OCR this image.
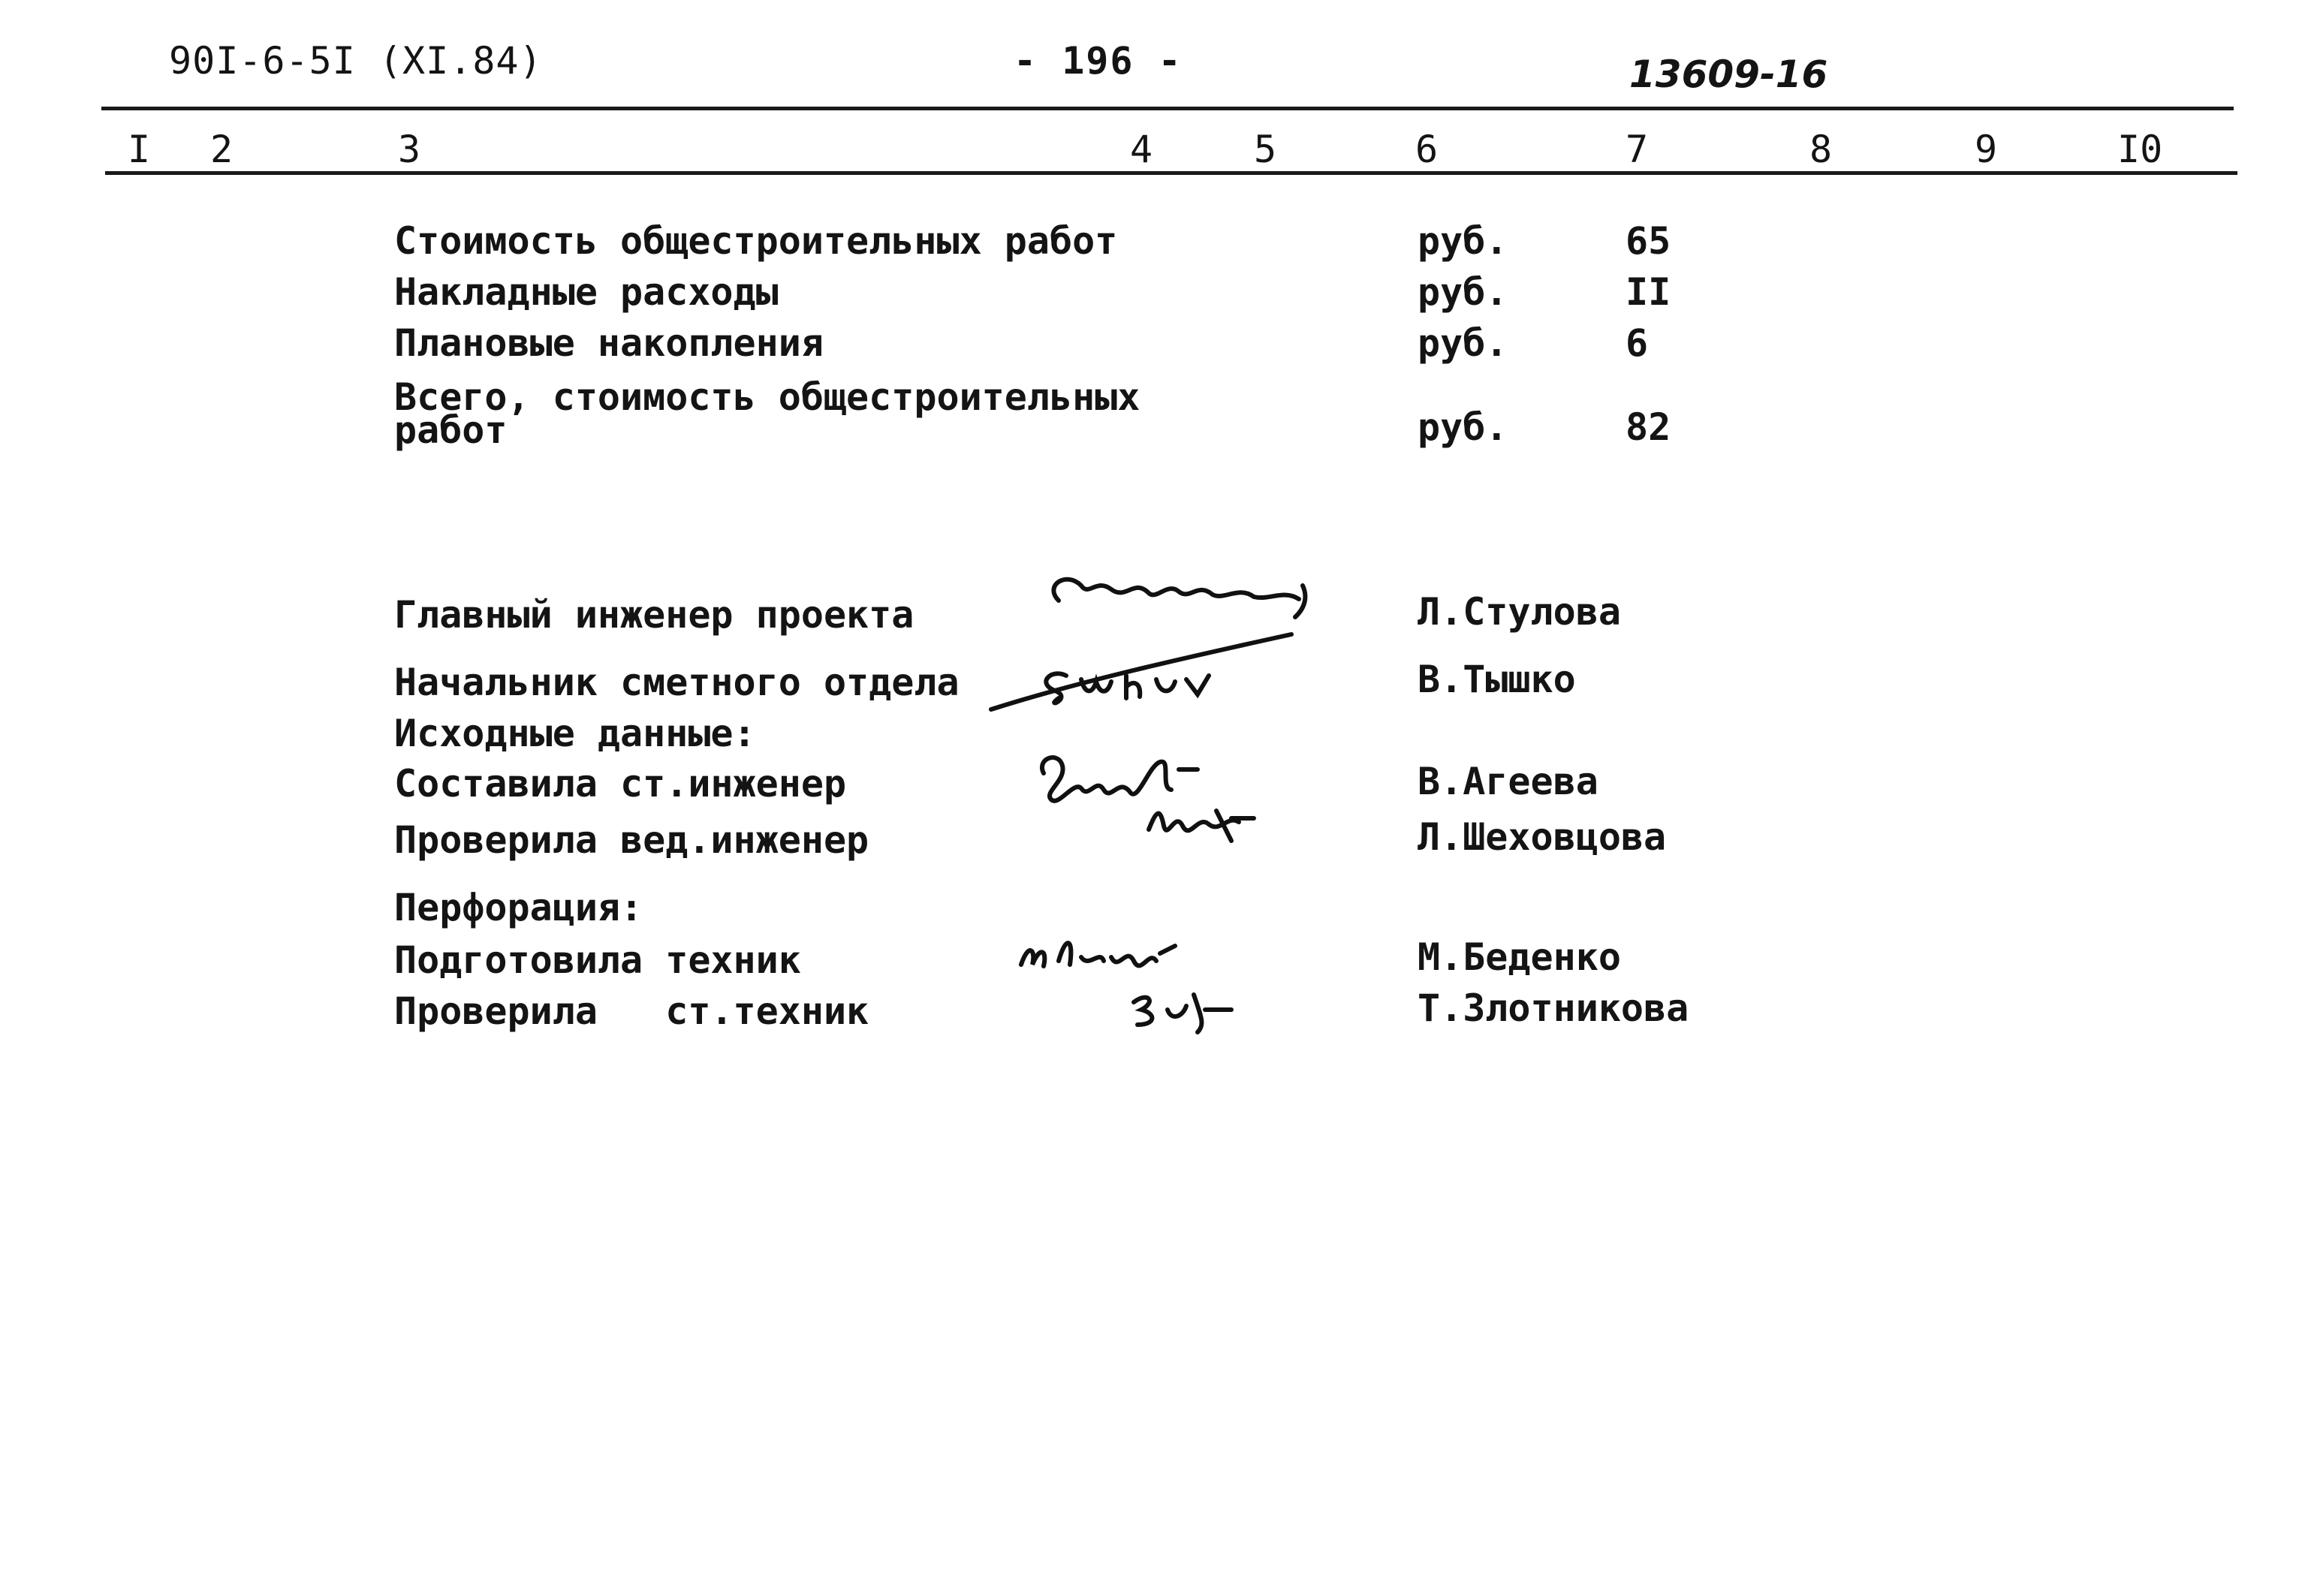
90I-6-5I (XI.84)	- 196 -	13609-16
I 2	3	4	5	6	7	8	9	I0
Стоимость общестроительных работ	руб.	65
Накладные расходы	руб.	II
Плановые накопления	руб.	6
Всего, стоимость общестроительных
работ	руб.	82
Главный инженер проекта	Л.Стулова
Начальник сметного отдела	В.Тышко
Исходные данные:
Составила ст.инженер	В.Агеева
Проверила вед.инженер	Л.Шеховцова
Перфорация:
Подготовила техник	М.Беденко
Проверила   ст.техник	Т.Злотникова
